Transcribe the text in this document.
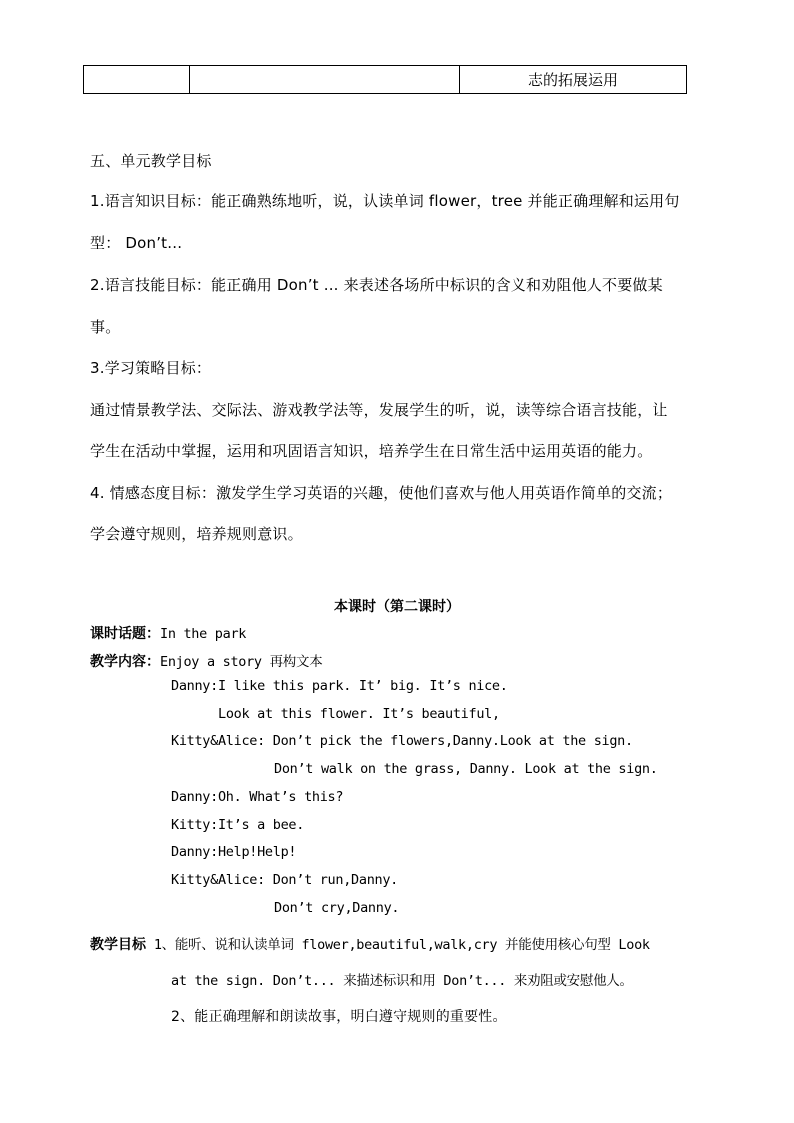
志的拓展运用
五、单元教学目标
1.语言知识目标：能正确熟练地听，说，认读单词 flower，tree 并能正确理解和运用句
型： Don’t...
2.语言技能目标：能正确用 Don’t ... 来表述各场所中标识的含义和劝阻他人不要做某
事。
3.学习策略目标：
通过情景教学法、交际法、游戏教学法等，发展学生的听，说，读等综合语言技能，让
学生在活动中掌握，运用和巩固语言知识，培养学生在日常生活中运用英语的能力。
4. 情感态度目标：激发学生学习英语的兴趣，使他们喜欢与他人用英语作简单的交流；
学会遵守规则，培养规则意识。
本课时（第二课时）
课时话题：In the park
教学内容：Enjoy a story 再构文本
Danny:I like this park. It’ big. It’s nice.
Look at this flower. It’s beautiful,
Kitty&Alice: Don’t pick the flowers,Danny.Look at the sign.
Don’t walk on the grass, Danny. Look at the sign.
Danny:Oh. What’s this?
Kitty:It’s a bee.
Danny:Help!Help!
Kitty&Alice: Don’t run,Danny.
Don’t cry,Danny.
教学目标 1、能听、说和认读单词 flower,beautiful,walk,cry 并能使用核心句型 Look
at the sign. Don’t... 来描述标识和用 Don’t... 来劝阻或安慰他人。
2、能正确理解和朗读故事，明白遵守规则的重要性。
